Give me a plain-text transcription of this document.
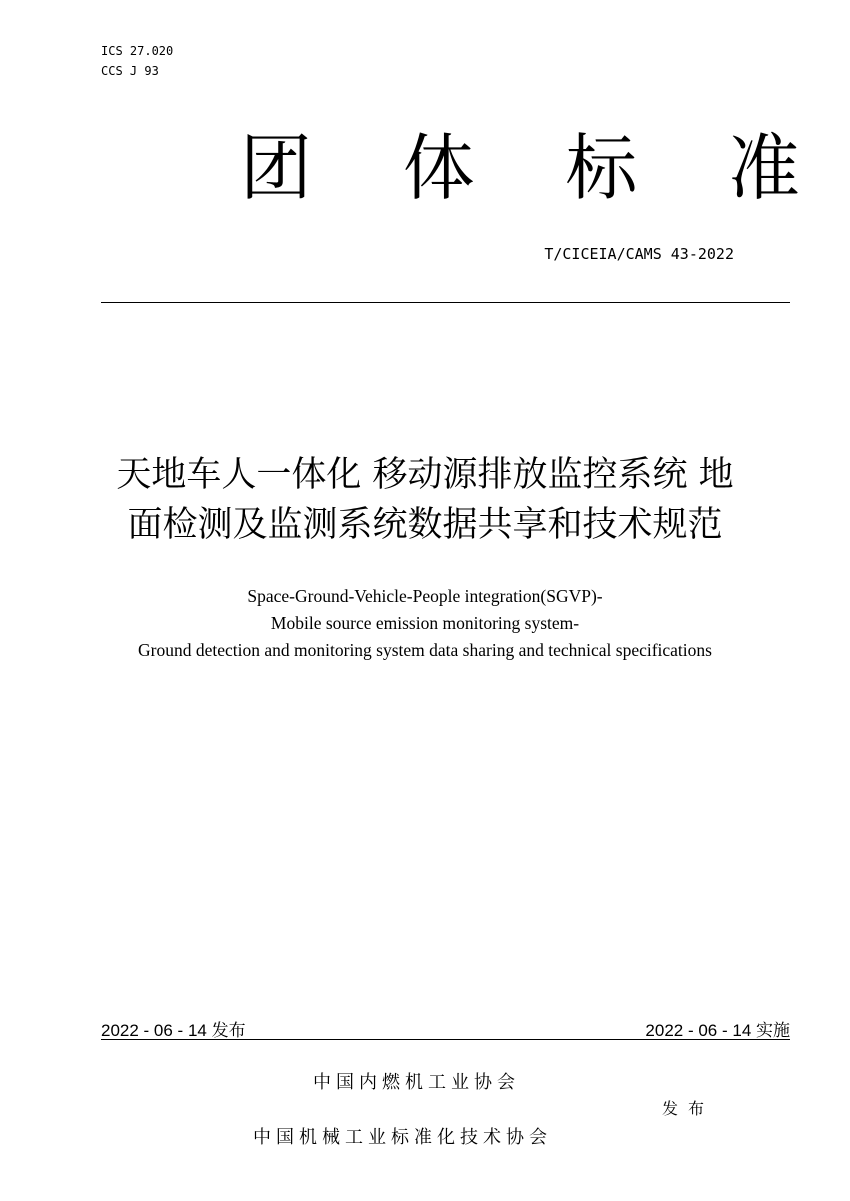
ICS 27.020
CCS J 93
团 体 标 准
T/CICEIA/CAMS 43-2022
天地车人一体化 移动源排放监控系统 地
面检测及监测系统数据共享和技术规范
Space-Ground-Vehicle-People integration(SGVP)-
Mobile source emission monitoring system-
Ground detection and monitoring system data sharing and technical specifications
2022 - 06 - 14 发布	2022 - 06 - 14 实施
中国内燃机工业协会
发布
中国机械工业标准化技术协会
